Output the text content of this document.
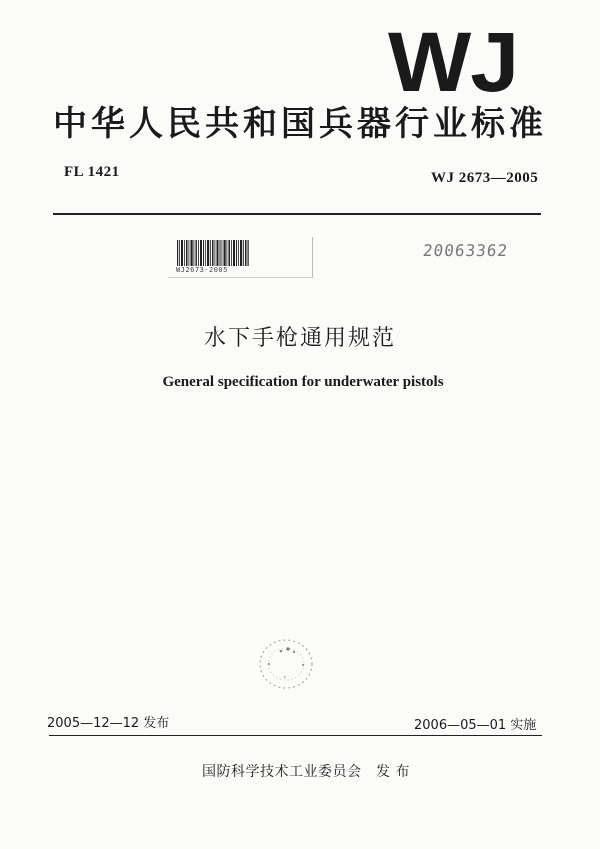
WJ
中华人民共和国兵器行业标准
FL 1421	WJ 2673—2005
WJ2673-2005
20063362
水下手枪通用规范
General specification for underwater pistols
2005—12—12 发布	2006—05—01 实施
国防科学技术工业委员会　发 布
